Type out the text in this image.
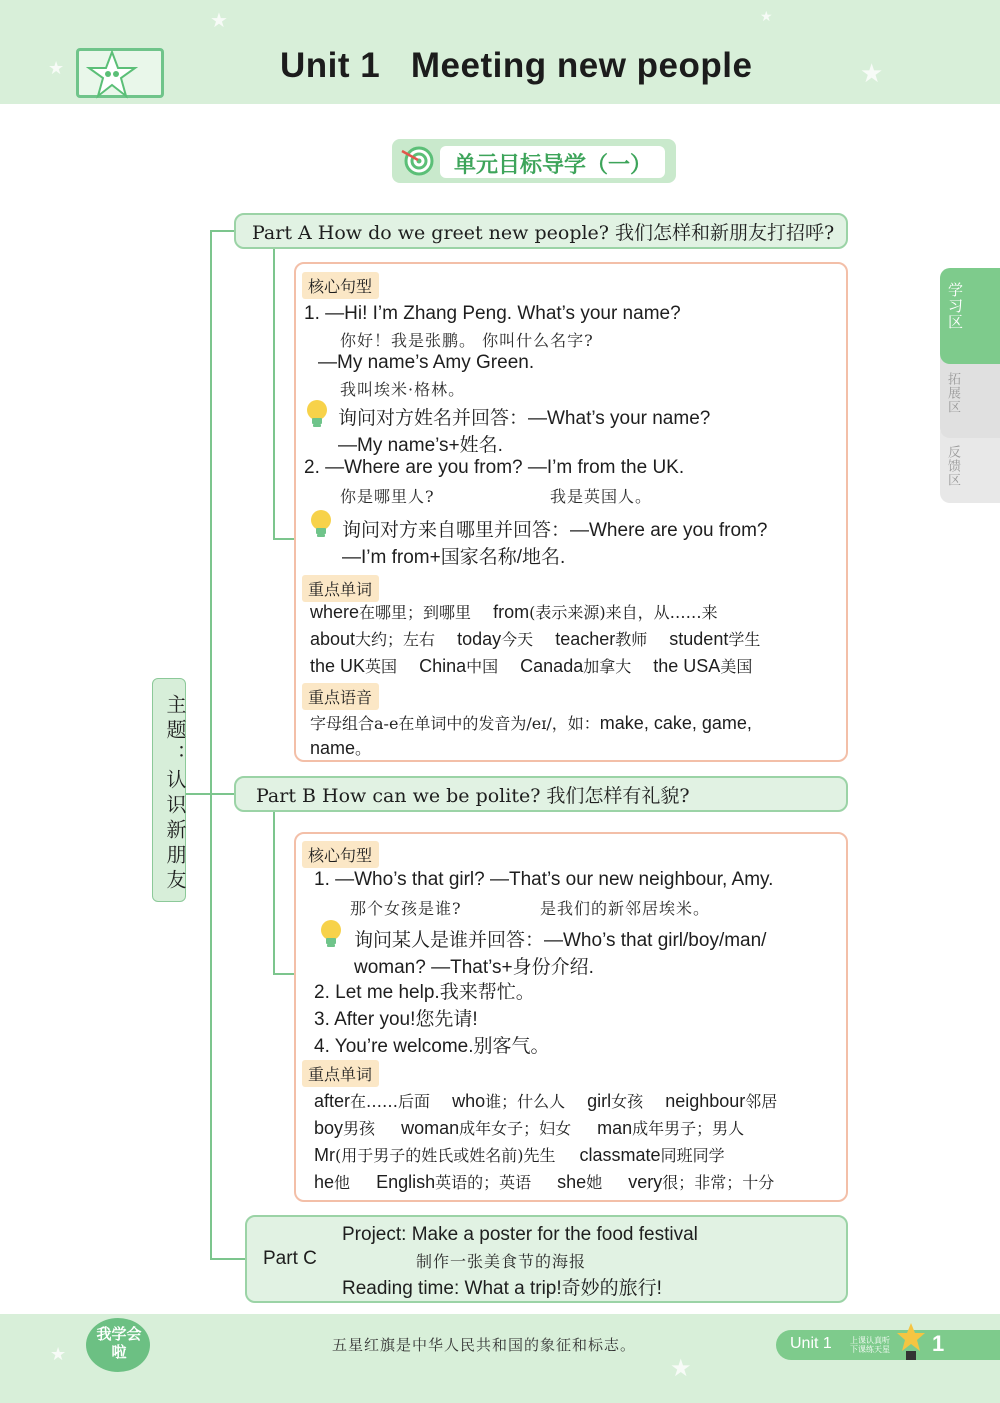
★
★
★
★
Unit 1   Meeting new people
单元目标导学（一）
学习区
拓展区
反馈区
主题：认识新朋友
Part A How do we greet new people? 我们怎样和新朋友打招呼?
核心句型
1. —Hi! I’m Zhang Peng. What’s your name?
你好！我是张鹏。 你叫什么名字?
—My name’s Amy Green.
我叫埃米·格林。
询问对方姓名并回答：—What’s your name?
—My name’s+姓名.
2. —Where are you from? —I’m from the UK.
你是哪里人?	我是英国人。
询问对方来自哪里并回答：—Where are you from?
—I’m from+国家名称/地名.
重点单词
where在哪里；到哪里 from(表示来源)来自，从……来
about大约；左右 today今天 teacher教师 student学生
the UK英国 China中国 Canada加拿大 the USA美国
重点语音
字母组合a-e在单词中的发音为/eɪ/，如：make, cake, game,
name。
Part B How can we be polite? 我们怎样有礼貌?
核心句型
1. —Who’s that girl? —That’s our new neighbour, Amy.
那个女孩是谁?	是我们的新邻居埃米。
询问某人是谁并回答：—Who’s that girl/boy/man/
woman? —That’s+身份介绍.
2. Let me help.我来帮忙。
3. After you!您先请!
4. You’re welcome.别客气。
重点单词
after在……后面 who谁；什么人 girl女孩 neighbour邻居
boy男孩 woman成年女子；妇女 man成年男子；男人
Mr(用于男子的姓氏或姓名前)先生 classmate同班同学
he他 English英语的；英语 she她 very很；非常；十分
Part C
Project: Make a poster for the food festival
制作一张美食节的海报
Reading time: What a trip!奇妙的旅行!
★
★
我学会啦	五星红旗是中华人民共和国的象征和标志。	Unit 1 上课认真听
下课练天星 1
